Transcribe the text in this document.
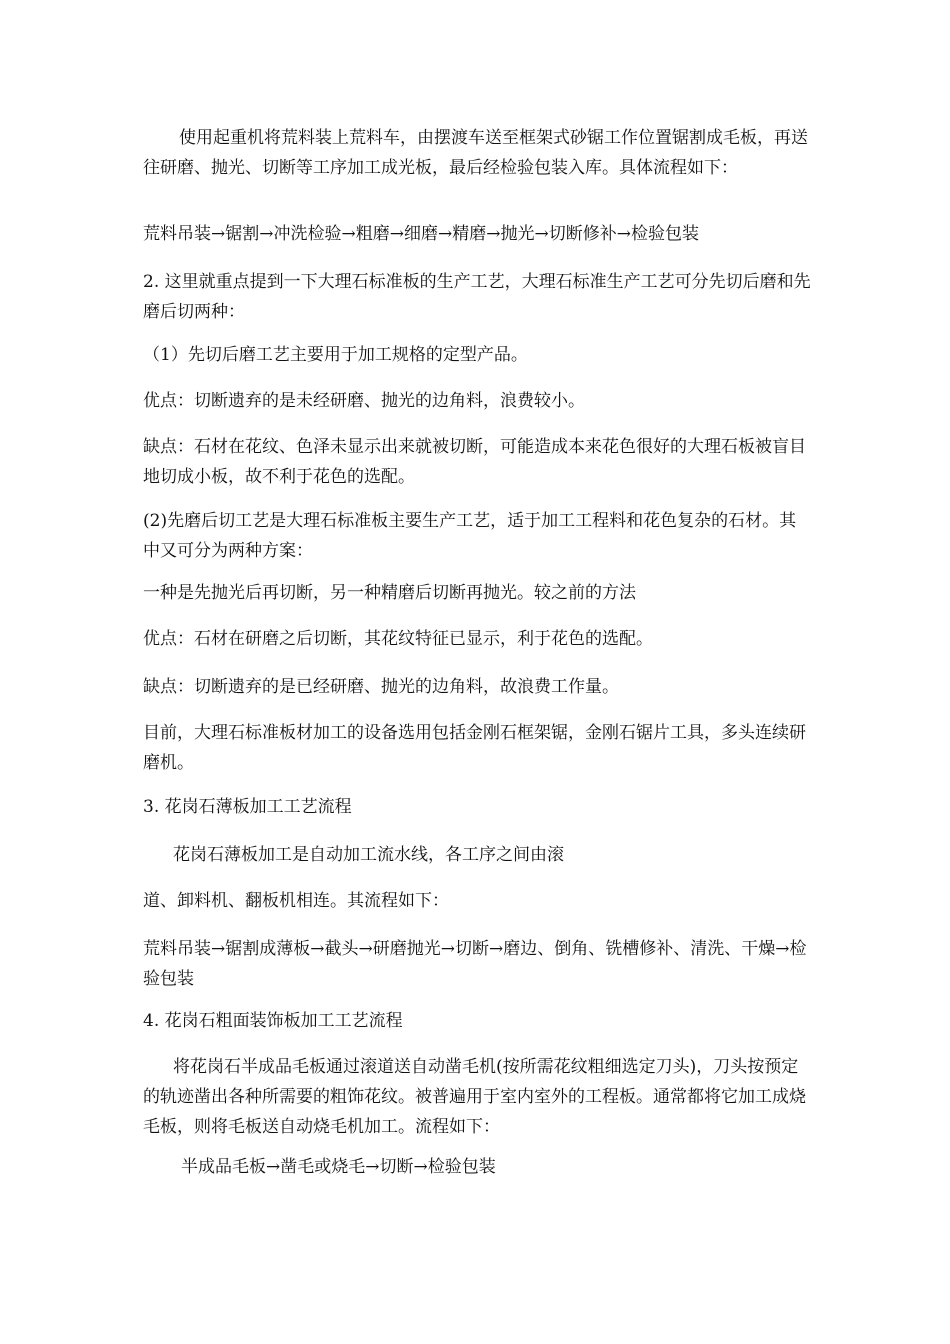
使用起重机将荒料装上荒料车，由摆渡车送至框架式砂锯工作位置锯割成毛板，再送往研磨、抛光、切断等工序加工成光板，最后经检验包装入库。具体流程如下：

荒料吊装→锯割→冲洗检验→粗磨→细磨→精磨→抛光→切断修补→检验包装

2. 这里就重点提到一下大理石标准板的生产工艺，大理石标准生产工艺可分先切后磨和先磨后切两种：

（1）先切后磨工艺主要用于加工规格的定型产品。

优点：切断遗弃的是未经研磨、抛光的边角料，浪费较小。

缺点：石材在花纹、色泽未显示出来就被切断，可能造成本来花色很好的大理石板被盲目地切成小板，故不利于花色的选配。

(2)先磨后切工艺是大理石标准板主要生产工艺，适于加工工程料和花色复杂的石材。其中又可分为两种方案：

一种是先抛光后再切断，另一种精磨后切断再抛光。较之前的方法

优点：石材在研磨之后切断，其花纹特征已显示，利于花色的选配。

缺点：切断遗弃的是已经研磨、抛光的边角料，故浪费工作量。

目前，大理石标准板材加工的设备选用包括金刚石框架锯，金刚石锯片工具，多头连续研磨机。

3. 花岗石薄板加工工艺流程

花岗石薄板加工是自动加工流水线，各工序之间由滚

道、卸料机、翻板机相连。其流程如下：

荒料吊装→锯割成薄板→截头→研磨抛光→切断→磨边、倒角、铣槽修补、清洗、干燥→检验包装

4. 花岗石粗面装饰板加工工艺流程

将花岗石半成品毛板通过滚道送自动凿毛机(按所需花纹粗细选定刀头)，刀头按预定的轨迹凿出各种所需要的粗饰花纹。被普遍用于室内室外的工程板。通常都将它加工成烧毛板，则将毛板送自动烧毛机加工。流程如下：

半成品毛板→凿毛或烧毛→切断→检验包装
